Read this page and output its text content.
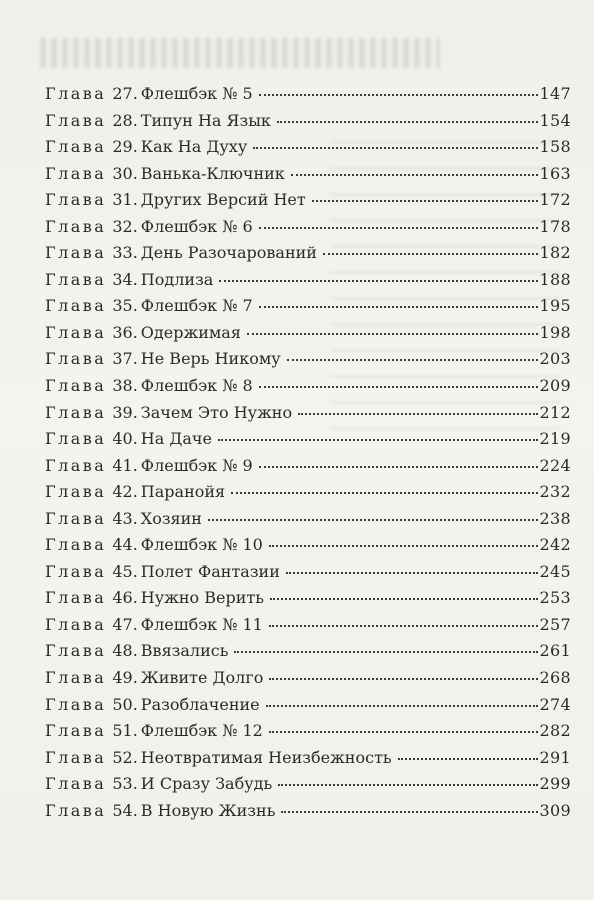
Глава 27. Флешбэк № 5	147
Глава 28. Типун На Язык	154
Глава 29. Как На Духу	158
Глава 30. Ванька-Ключник	163
Глава 31. Других Версий Нет	172
Глава 32. Флешбэк № 6	178
Глава 33. День Разочарований	182
Глава 34. Подлиза	188
Глава 35. Флешбэк № 7	195
Глава 36. Одержимая	198
Глава 37. Не Верь Никому	203
Глава 38. Флешбэк № 8	209
Глава 39. Зачем Это Нужно	212
Глава 40. На Даче	219
Глава 41. Флешбэк № 9	224
Глава 42. Паранойя	232
Глава 43. Хозяин	238
Глава 44. Флешбэк № 10	242
Глава 45. Полет Фантазии	245
Глава 46. Нужно Верить	253
Глава 47. Флешбэк № 11	257
Глава 48. Ввязались	261
Глава 49. Живите Долго	268
Глава 50. Разоблачение	274
Глава 51. Флешбэк № 12	282
Глава 52. Неотвратимая Неизбежность	291
Глава 53. И Сразу Забудь	299
Глава 54. В Новую Жизнь	309
